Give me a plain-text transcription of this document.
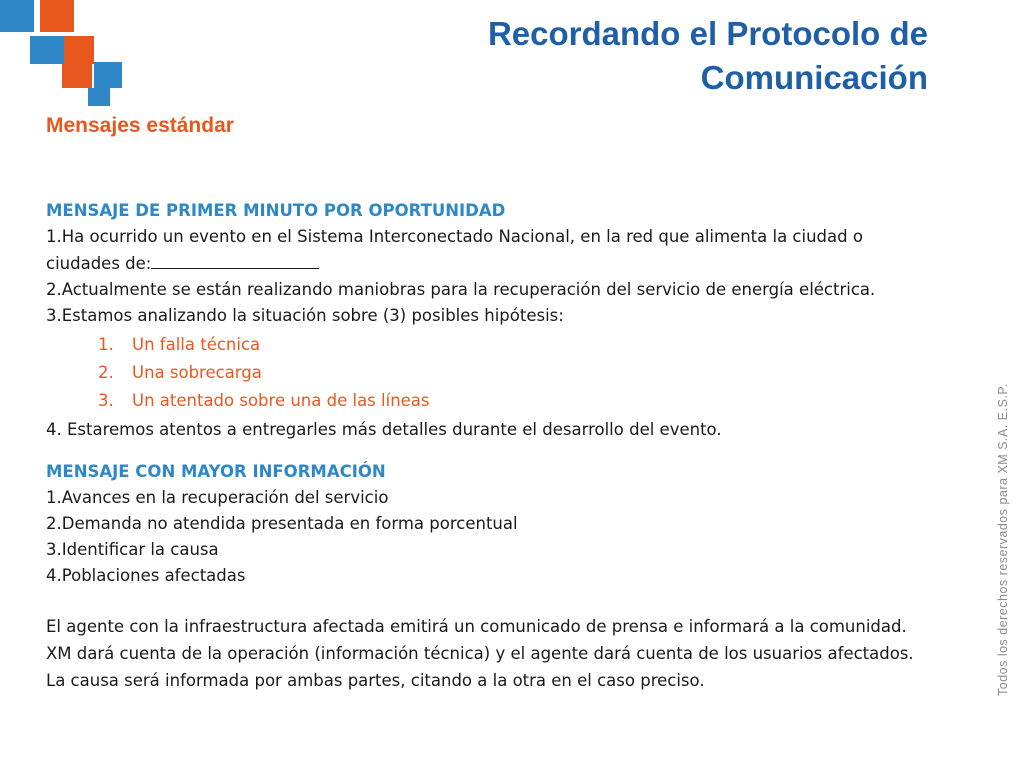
Recordando el Protocolo de Comunicación
Mensajes estándar
MENSAJE DE PRIMER MINUTO POR OPORTUNIDAD
1.Ha ocurrido un evento en el Sistema Interconectado Nacional, en la red que alimenta la ciudad o
ciudades de:
2.Actualmente se están realizando maniobras para la recuperación del servicio de energía eléctrica.
3.Estamos analizando la situación sobre (3) posibles hipótesis:
1. Un falla técnica
2. Una sobrecarga
3. Un atentado sobre una de las líneas
4. Estaremos atentos a entregarles más detalles durante el desarrollo del evento.
MENSAJE CON MAYOR INFORMACIÓN
1.Avances en la recuperación del servicio
2.Demanda no atendida presentada en forma porcentual
3.Identificar la causa
4.Poblaciones afectadas
El agente con la infraestructura afectada emitirá un comunicado de prensa e informará a la comunidad.
XM dará cuenta de la operación (información técnica) y el agente dará cuenta de los usuarios afectados.
La causa será informada por ambas partes, citando a la otra en el caso preciso.	Todos los derechos reservados para XM S.A. E.S.P.
